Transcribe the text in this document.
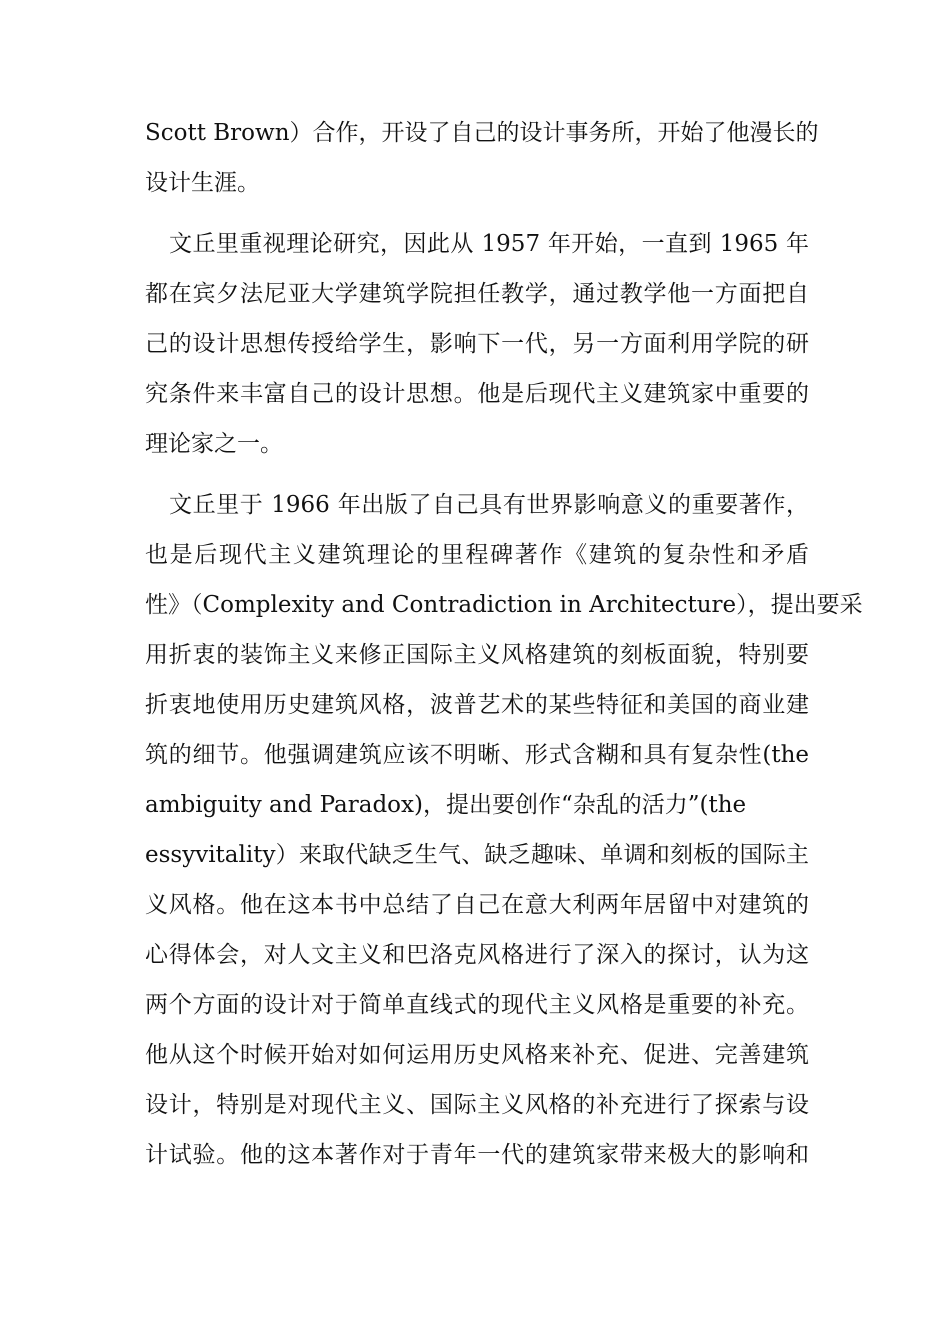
Scott Brown）合作，开设了自己的设计事务所，开始了他漫长的
设计生涯。
文丘里重视理论研究，因此从 1957 年开始，一直到 1965 年
都在宾夕法尼亚大学建筑学院担任教学，通过教学他一方面把自
己的设计思想传授给学生，影响下一代，另一方面利用学院的研
究条件来丰富自己的设计思想。他是后现代主义建筑家中重要的
理论家之一。
文丘里于 1966 年出版了自己具有世界影响意义的重要著作，
也是后现代主义建筑理论的里程碑著作《建筑的复杂性和矛盾
性》（Complexity and Contradiction in Architecture），提出要采
用折衷的装饰主义来修正国际主义风格建筑的刻板面貌，特别要
折衷地使用历史建筑风格，波普艺术的某些特征和美国的商业建
筑的细节。他强调建筑应该不明晰、形式含糊和具有复杂性(the
ambiguity and Paradox)，提出要创作“杂乱的活力”(the
essyvitality）来取代缺乏生气、缺乏趣味、单调和刻板的国际主
义风格。他在这本书中总结了自己在意大利两年居留中对建筑的
心得体会，对人文主义和巴洛克风格进行了深入的探讨，认为这
两个方面的设计对于简单直线式的现代主义风格是重要的补充。
他从这个时候开始对如何运用历史风格来补充、促进、完善建筑
设计，特别是对现代主义、国际主义风格的补充进行了探索与设
计试验。他的这本著作对于青年一代的建筑家带来极大的影响和
